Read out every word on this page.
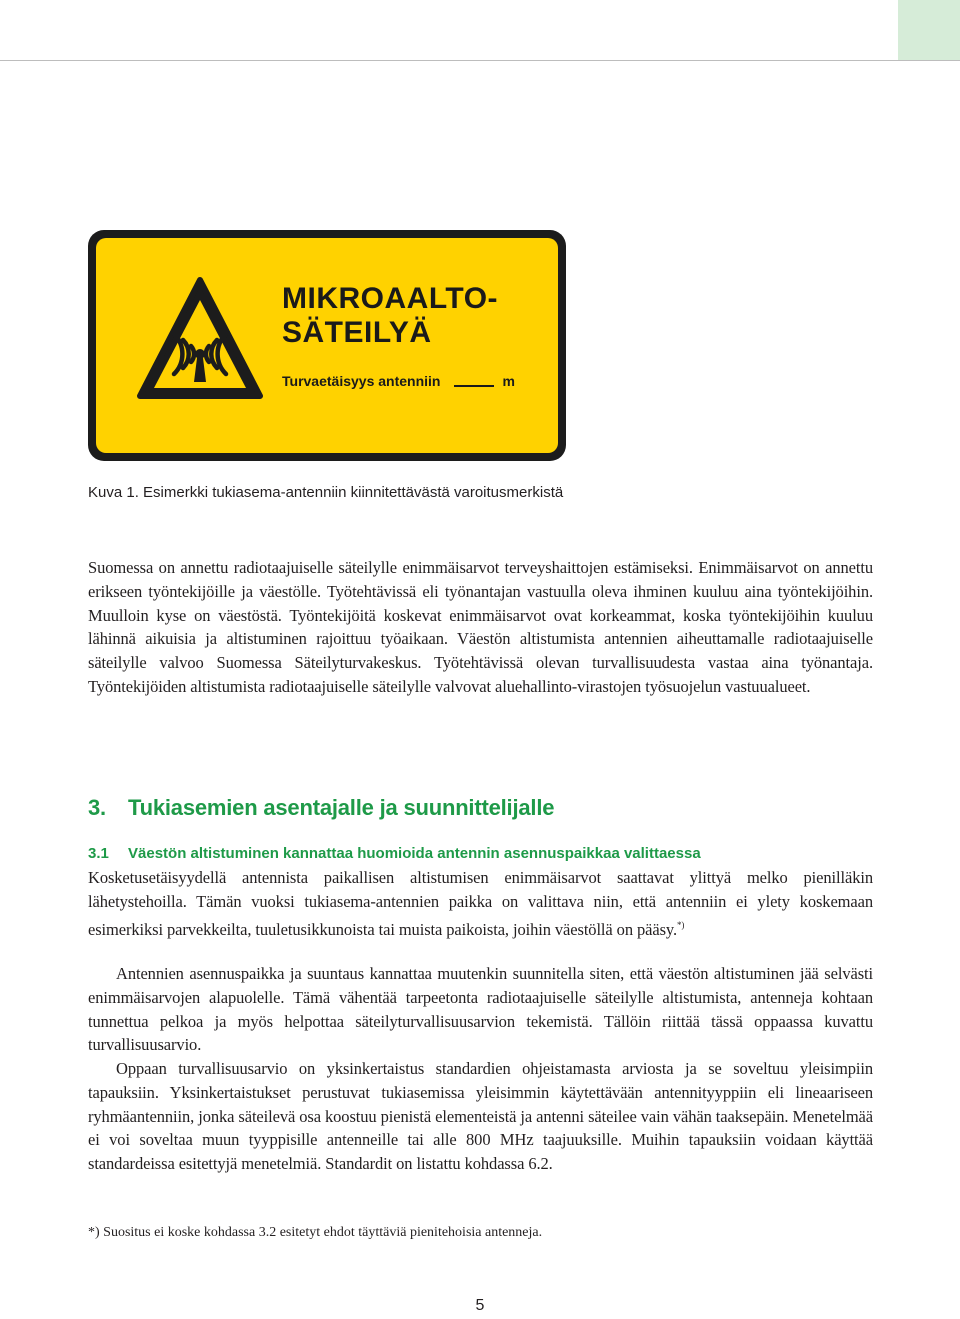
MIKROAALTO-
SÄTEILYÄ
Turvaetäisyys antenniin	m
Kuva 1. Esimerkki tukiasema-antenniin kiinnitettävästä varoitusmerkistä

Suomessa on annettu radiotaajuiselle säteilylle enimmäisarvot terveyshaittojen estämiseksi. Enimmäisarvot on annettu erikseen työntekijöille ja väestölle. Työtehtävissä eli työnantajan vastuulla oleva ihminen kuuluu aina työntekijöihin. Muulloin kyse on väestöstä. Työntekijöitä koskevat enimmäisarvot ovat korkeammat, koska työntekijöihin kuuluu lähinnä aikuisia ja altistuminen rajoittuu työaikaan. Väestön altistumista antennien aiheuttamalle radiotaajuiselle säteilylle valvoo Suomessa Säteilyturvakeskus. Työtehtävissä olevan turvallisuudesta vastaa aina työnantaja. Työntekijöiden altistumista radiotaajuiselle säteilylle valvovat aluehallinto-virastojen työsuojelun vastuualueet.

3. Tukiasemien asentajalle ja suunnittelijalle
3.1 Väestön altistuminen kannattaa huomioida antennin asennuspaikkaa valittaessa

Kosketusetäisyydellä antennista paikallisen altistumisen enimmäisarvot saattavat ylittyä melko pienilläkin lähetystehoilla. Tämän vuoksi tukiasema-antennien paikka on valittava niin, että antenniin ei ylety koskemaan esimerkiksi parvekkeilta, tuuletusikkunoista tai muista paikoista, joihin väestöllä on pääsy.*)

Antennien asennuspaikka ja suuntaus kannattaa muutenkin suunnitella siten, että väestön altistuminen jää selvästi enimmäisarvojen alapuolelle. Tämä vähentää tarpeetonta radiotaajuiselle säteilylle altistumista, antenneja kohtaan tunnettua pelkoa ja myös helpottaa säteilyturvallisuusarvion tekemistä. Tällöin riittää tässä oppaassa kuvattu turvallisuusarvio.

Oppaan turvallisuusarvio on yksinkertaistus standardien ohjeistamasta arviosta ja se soveltuu yleisimpiin tapauksiin. Yksinkertaistukset perustuvat tukiasemissa yleisimmin käytettävään antennityyppiin eli lineaariseen ryhmäantenniin, jonka säteilevä osa koostuu pienistä elementeistä ja antenni säteilee vain vähän taaksepäin. Menetelmää ei voi soveltaa muun tyyppisille antenneille tai alle 800 MHz taajuuksille. Muihin tapauksiin voidaan käyttää standardeissa esitettyjä menetelmiä. Standardit on listattu kohdassa 6.2.

*) Suositus ei koske kohdassa 3.2 esitetyt ehdot täyttäviä pienitehoisia antenneja.
5
